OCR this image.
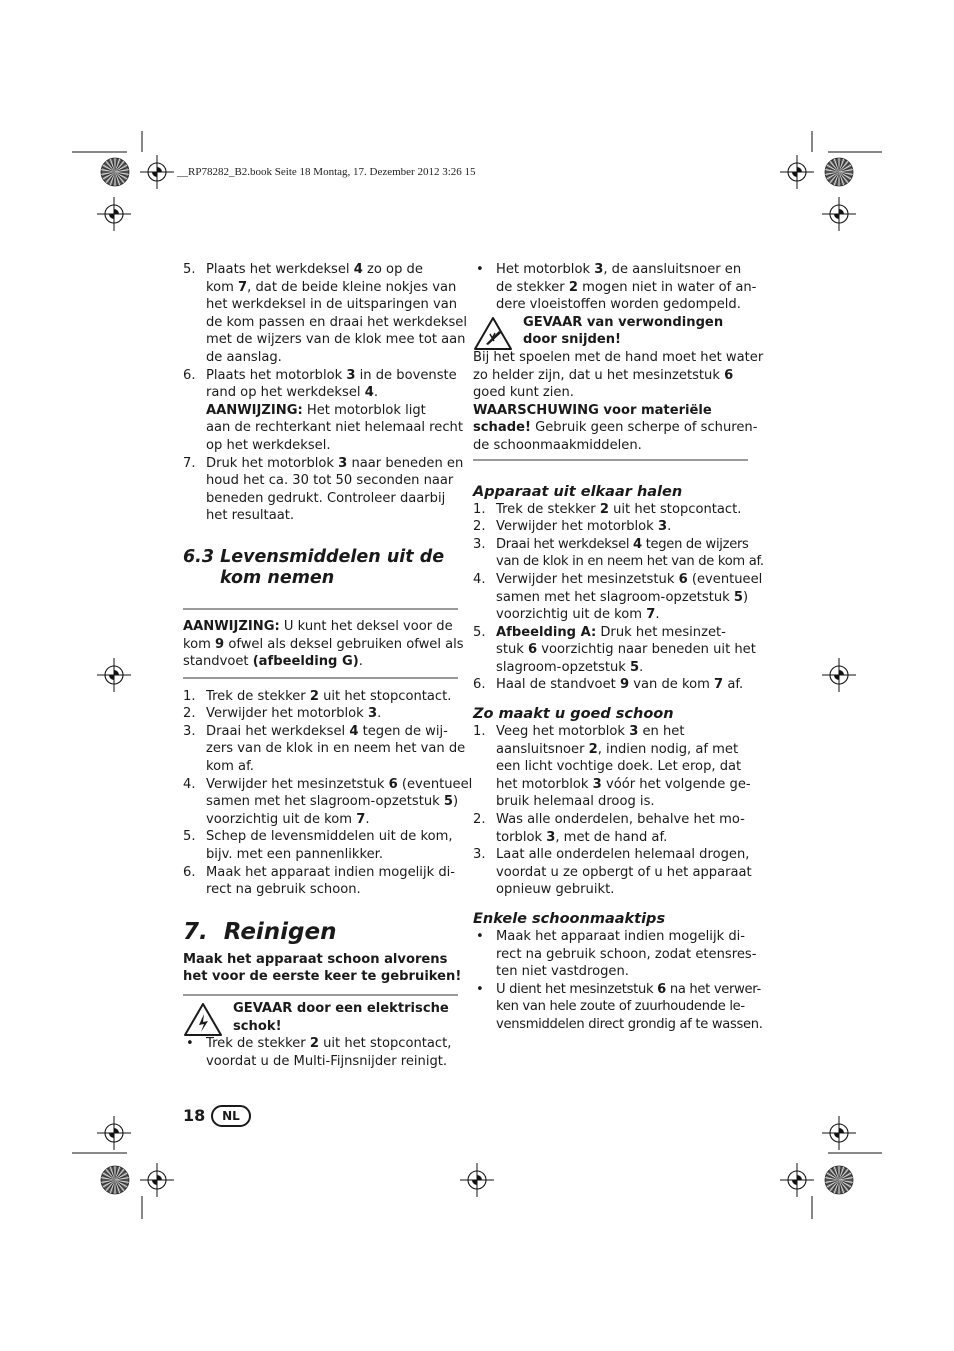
__RP78282_B2.book Seite 18 Montag, 17. Dezember 2012 3:26 15
5. Plaats het werkdeksel 4 zo op de
kom 7, dat de beide kleine nokjes van
het werkdeksel in de uitsparingen van
de kom passen en draai het werkdeksel
met de wijzers van de klok mee tot aan
de aanslag.
6. Plaats het motorblok 3 in de bovenste
rand op het werkdeksel 4.
AANWIJZING: Het motorblok ligt
aan de rechterkant niet helemaal recht
op het werkdeksel.
7. Druk het motorblok 3 naar beneden en
houd het ca. 30 tot 50 seconden naar
beneden gedrukt. Controleer daarbij
het resultaat.
6.3 Levensmiddelen uit de
kom nemen
AANWIJZING: U kunt het deksel voor de
kom 9 ofwel als deksel gebruiken ofwel als
standvoet (afbeelding G).
1. Trek de stekker 2 uit het stopcontact.
2. Verwijder het motorblok 3.
3. Draai het werkdeksel 4 tegen de wij-
zers van de klok in en neem het van de
kom af.
4. Verwijder het mesinzetstuk 6 (eventueel
samen met het slagroom-opzetstuk 5)
voorzichtig uit de kom 7.
5. Schep de levensmiddelen uit de kom,
bijv. met een pannenlikker.
6. Maak het apparaat indien mogelijk di-
rect na gebruik schoon.
7.  Reinigen
Maak het apparaat schoon alvorens
het voor de eerste keer te gebruiken!
GEVAAR door een elektrische
schok!
• Trek de stekker 2 uit het stopcontact,
voordat u de Multi-Fijnsnijder reinigt.
• Het motorblok 3, de aansluitsnoer en
de stekker 2 mogen niet in water of an-
dere vloeistoffen worden gedompeld.
GEVAAR van verwondingen
door snijden!
Bij het spoelen met de hand moet het water
zo helder zijn, dat u het mesinzetstuk 6
goed kunt zien.
WAARSCHUWING voor materiële
schade! Gebruik geen scherpe of schuren-
de schoonmaakmiddelen.
Apparaat uit elkaar halen
1. Trek de stekker 2 uit het stopcontact.
2. Verwijder het motorblok 3.
3. Draai het werkdeksel 4 tegen de wijzers
van de klok in en neem het van de kom af.
4. Verwijder het mesinzetstuk 6 (eventueel
samen met het slagroom-opzetstuk 5)
voorzichtig uit de kom 7.
5. Afbeelding A: Druk het mesinzet-
stuk 6 voorzichtig naar beneden uit het
slagroom-opzetstuk 5.
6. Haal de standvoet 9 van de kom 7 af.
Zo maakt u goed schoon
1. Veeg het motorblok 3 en het
aansluitsnoer 2, indien nodig, af met
een licht vochtige doek. Let erop, dat
het motorblok 3 vóór het volgende ge-
bruik helemaal droog is.
2. Was alle onderdelen, behalve het mo-
torblok 3, met de hand af.
3. Laat alle onderdelen helemaal drogen,
voordat u ze opbergt of u het apparaat
opnieuw gebruikt.
Enkele schoonmaaktips
• Maak het apparaat indien mogelijk di-
rect na gebruik schoon, zodat etensres-
ten niet vastdrogen.
• U dient het mesinzetstuk 6 na het verwer-
ken van hele zoute of zuurhoudende le-
vensmiddelen direct grondig af te wassen.
18	NL
